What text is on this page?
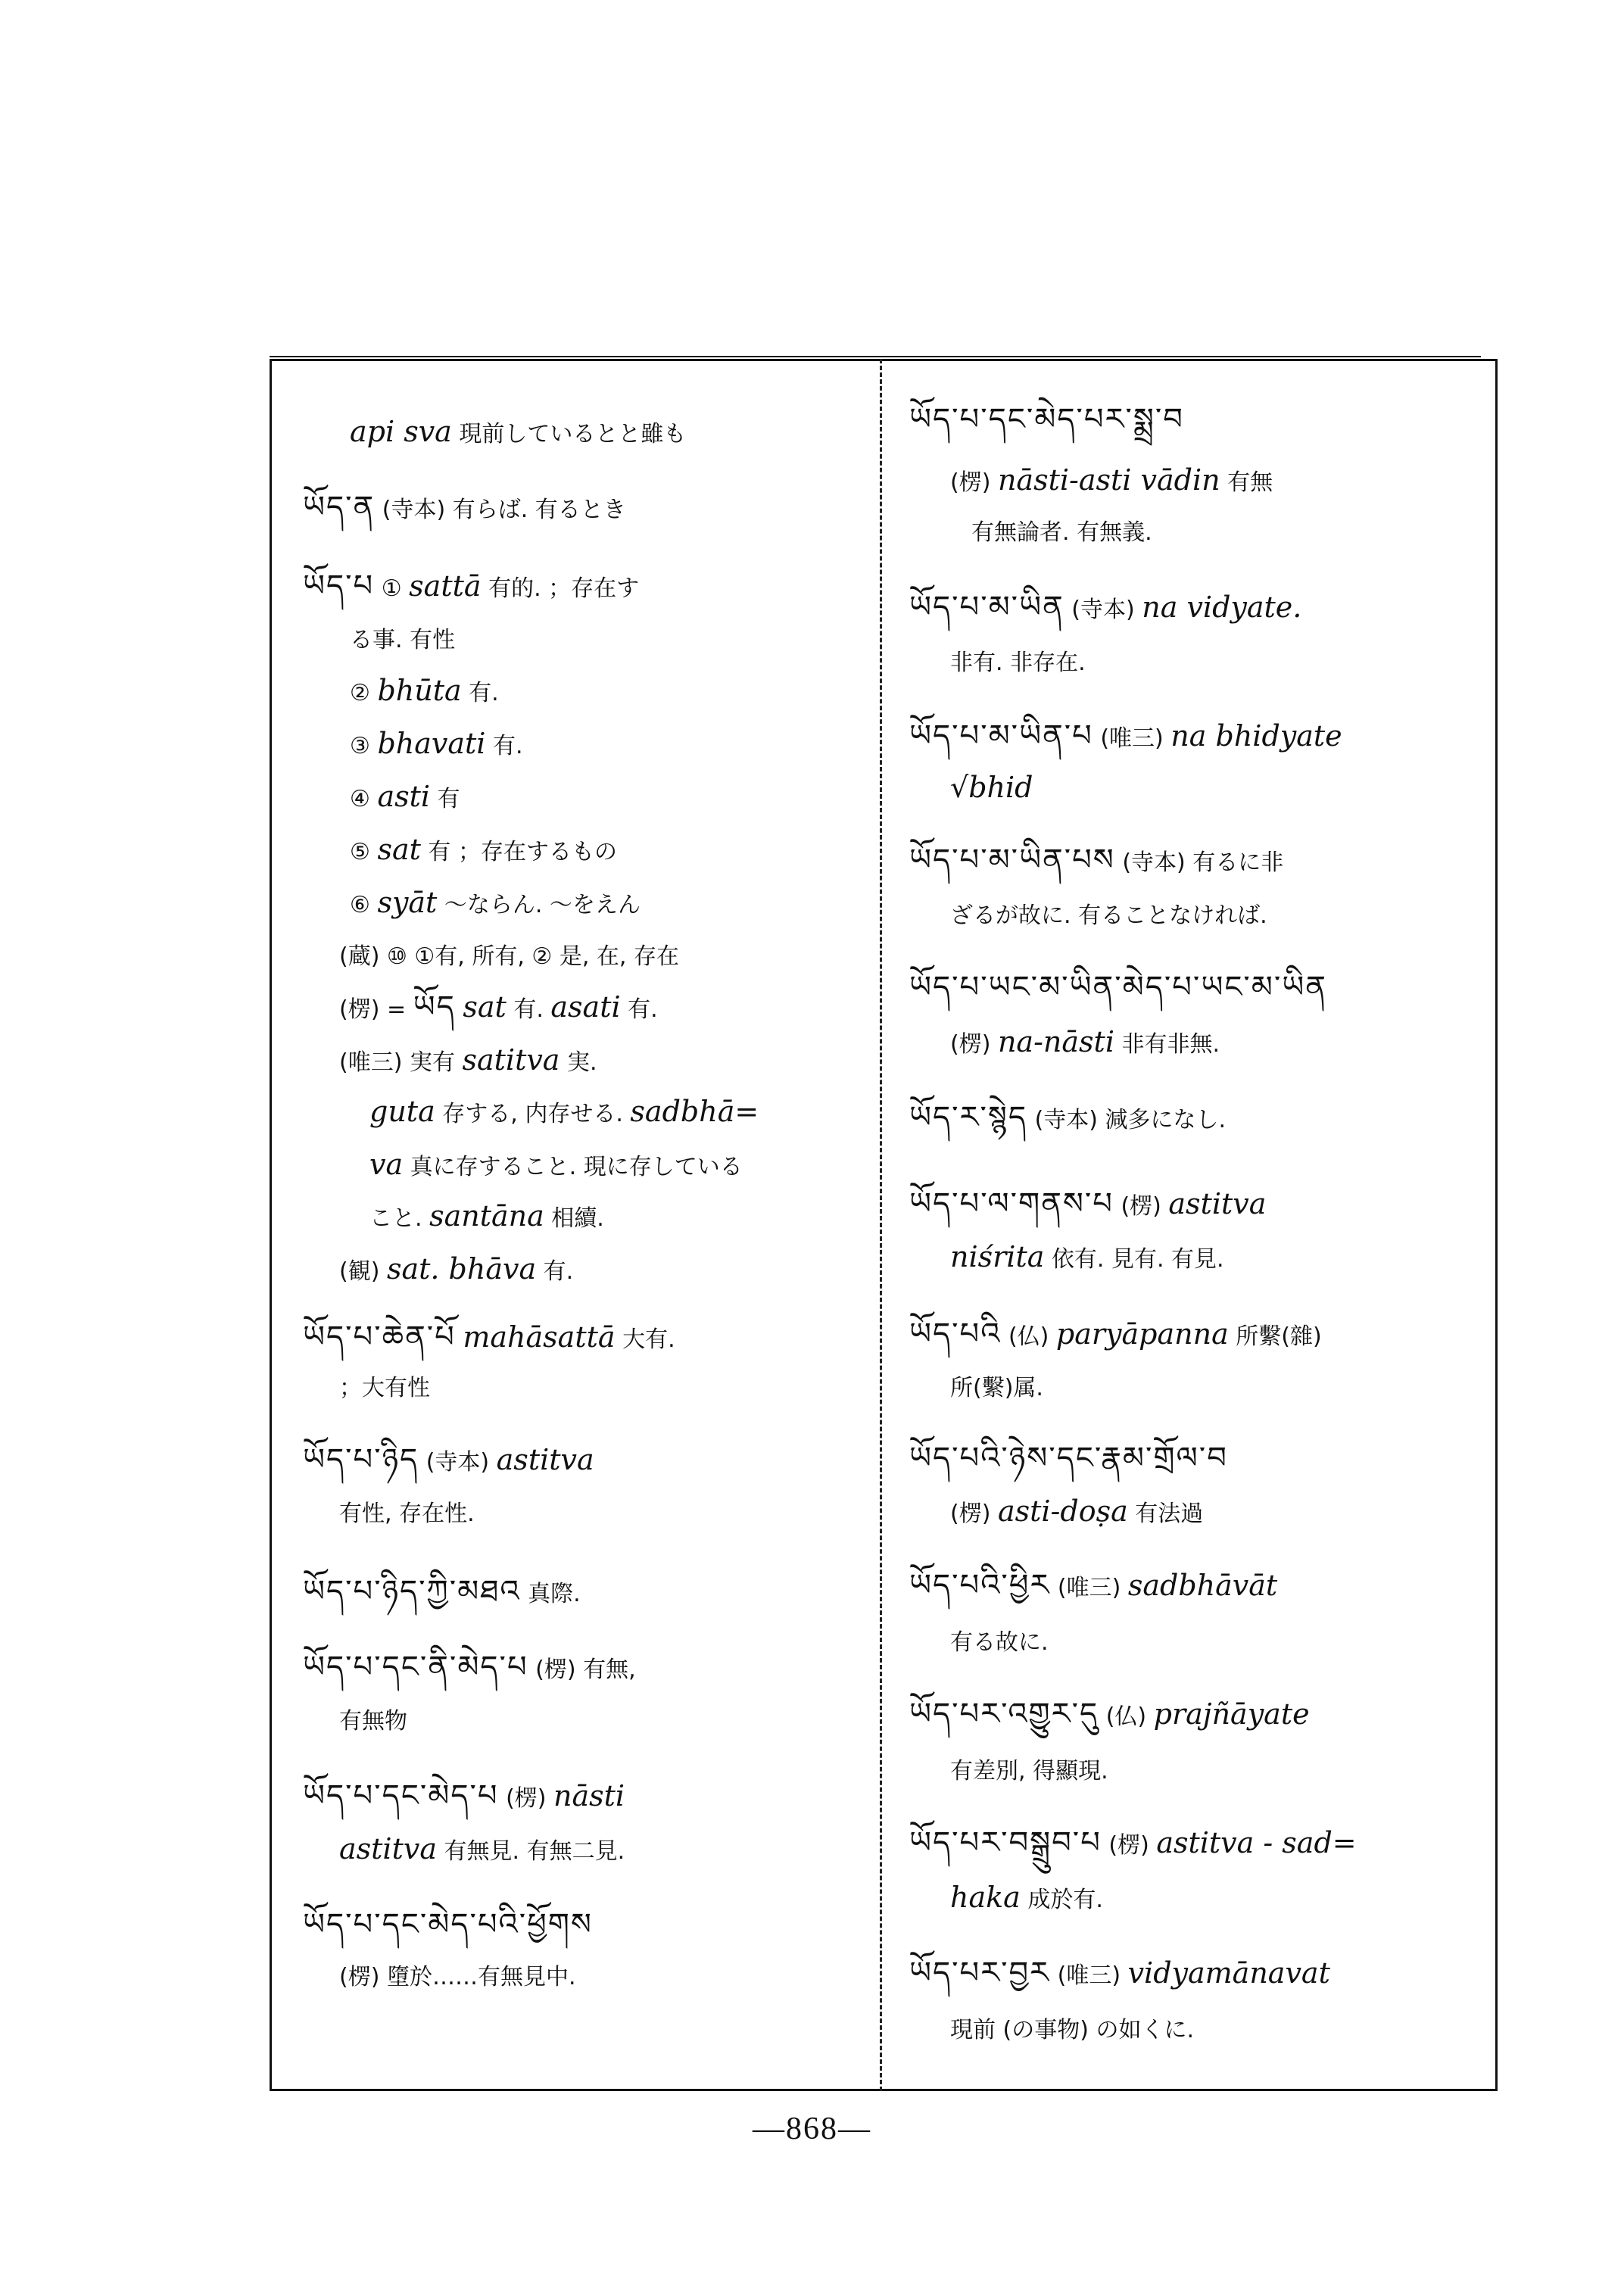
api sva 現前しているとと雖も
ཡོད་ན (寺本) 有らば. 有るとき
ཡོད་པ ① sattā 有的. ；存在す
る事. 有性
② bhūta 有.
③ bhavati 有.
④ asti 有
⑤ sat 有 ；存在するもの
⑥ syāt 〜ならん. 〜をえん
(蔵) ⑩ ①有, 所有, ② 是, 在, 存在
(楞) = ཡོད sat 有. asati 有.
(唯三) 実有 satitva 実.
guta 存する, 内存せる. sadbhā=
va 真に存すること. 現に存している
こと. santāna 相續.
(観) sat. bhāva 有.
ཡོད་པ་ཆེན་པོ mahāsattā 大有.
；大有性
ཡོད་པ་ཉིད (寺本) astitva
有性, 存在性.
ཡོད་པ་ཉིད་ཀྱི་མཐའ 真際.
ཡོད་པ་དང་ནི་མེད་པ (楞) 有無,
有無物
ཡོད་པ་དང་མེད་པ (楞) nāsti
astitva 有無見. 有無二見.
ཡོད་པ་དང་མེད་པའི་ཕྱོགས
(楞) 墮於……有無見中.
ཡོད་པ་དང་མེད་པར་སྨྲ་བ
(楞) nāsti-asti vādin 有無
有無論者. 有無義.
ཡོད་པ་མ་ཡིན (寺本) na vidyate.
非有. 非存在.
ཡོད་པ་མ་ཡིན་པ (唯三) na bhidyate
√bhid
ཡོད་པ་མ་ཡིན་པས (寺本) 有るに非
ざるが故に. 有ることなければ.
ཡོད་པ་ཡང་མ་ཡིན་མེད་པ་ཡང་མ་ཡིན
(楞) na-nāsti 非有非無.
ཡོད་ར་སྙེད (寺本) 減多になし.
ཡོད་པ་ལ་གནས་པ (楞) astitva
niśrita 依有. 見有. 有見.
ཡོད་པའི (仏) paryāpanna 所繫(雜)
所(繫)属.
ཡོད་པའི་ཉེས་དང་རྣམ་གྲོལ་བ
(楞) asti-doṣa 有法過
ཡོད་པའི་ཕྱིར (唯三) sadbhāvāt
有る故に.
ཡོད་པར་འགྱུར་དུ (仏) prajñāyate
有差別, 得顯現.
ཡོད་པར་བསྒྲུབ་པ (楞) astitva - sad=
haka 成於有.
ཡོད་པར་བྱར (唯三) vidyamānavat
現前 (の事物) の如くに.
—868—
